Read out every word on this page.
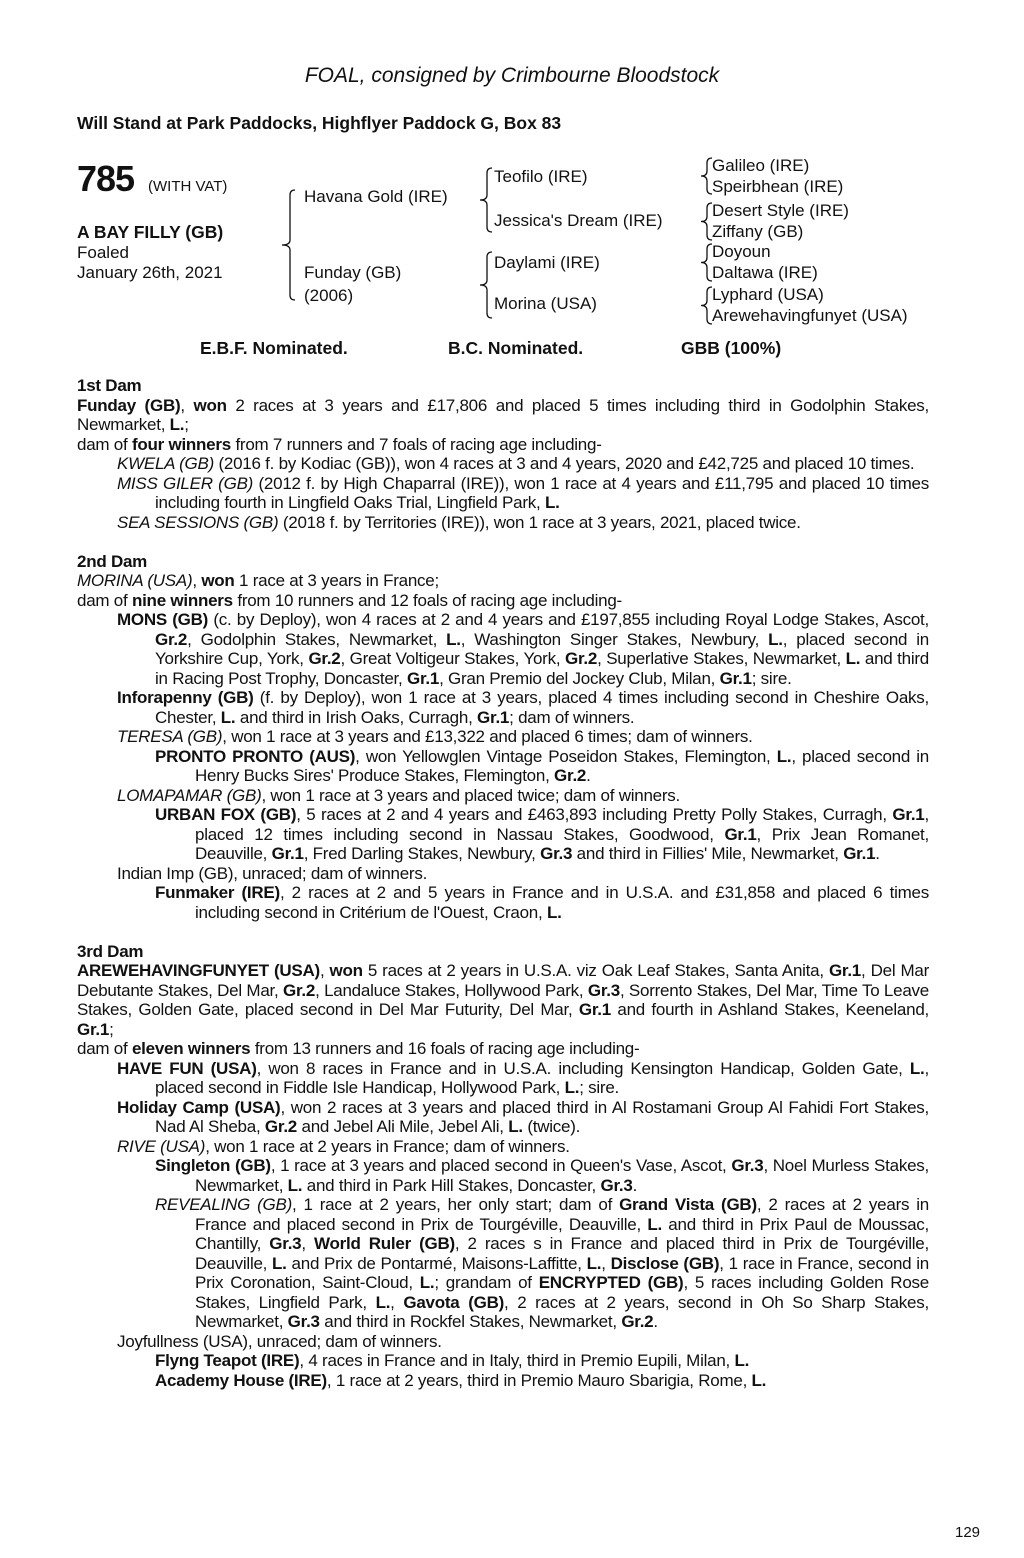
FOAL, consigned by Crimbourne Bloodstock
Will Stand at Park Paddocks, Highflyer Paddock G, Box 83
785 (WITH VAT)
A BAY FILLY (GB)
Foaled
January 26th, 2021
Havana Gold (IRE)
Funday (GB)
(2006)
Teofilo (IRE)
Jessica's Dream (IRE)
Daylami (IRE)
Morina (USA)
Galileo (IRE)
Speirbhean (IRE)
Desert Style (IRE)
Ziffany (GB)
Doyoun
Daltawa (IRE)
Lyphard (USA)
Arewehavingfunyet (USA)
E.B.F. Nominated.	B.C. Nominated.	GBB (100%)
1st Dam
Funday (GB), won 2 races at 3 years and £17,806 and placed 5 times including third in Godolphin Stakes, Newmarket, L.;
dam of four winners from 7 runners and 7 foals of racing age including-
KWELA (GB) (2016 f. by Kodiac (GB)), won 4 races at 3 and 4 years, 2020 and £42,725 and placed 10 times.
MISS GILER (GB) (2012 f. by High Chaparral (IRE)), won 1 race at 4 years and £11,795 and placed 10 times including fourth in Lingfield Oaks Trial, Lingfield Park, L.
SEA SESSIONS (GB) (2018 f. by Territories (IRE)), won 1 race at 3 years, 2021, placed twice.
2nd Dam
MORINA (USA), won 1 race at 3 years in France;
dam of nine winners from 10 runners and 12 foals of racing age including-
MONS (GB) (c. by Deploy), won 4 races at 2 and 4 years and £197,855 including Royal Lodge Stakes, Ascot, Gr.2, Godolphin Stakes, Newmarket, L., Washington Singer Stakes, Newbury, L., placed second in Yorkshire Cup, York, Gr.2, Great Voltigeur Stakes, York, Gr.2, Superlative Stakes, Newmarket, L. and third in Racing Post Trophy, Doncaster, Gr.1, Gran Premio del Jockey Club, Milan, Gr.1; sire.
Inforapenny (GB) (f. by Deploy), won 1 race at 3 years, placed 4 times including second in Cheshire Oaks, Chester, L. and third in Irish Oaks, Curragh, Gr.1; dam of winners.
TERESA (GB), won 1 race at 3 years and £13,322 and placed 6 times; dam of winners.
PRONTO PRONTO (AUS), won Yellowglen Vintage Poseidon Stakes, Flemington, L., placed second in Henry Bucks Sires' Produce Stakes, Flemington, Gr.2.
LOMAPAMAR (GB), won 1 race at 3 years and placed twice; dam of winners.
URBAN FOX (GB), 5 races at 2 and 4 years and £463,893 including Pretty Polly Stakes, Curragh, Gr.1, placed 12 times including second in Nassau Stakes, Goodwood, Gr.1, Prix Jean Romanet, Deauville, Gr.1, Fred Darling Stakes, Newbury, Gr.3 and third in Fillies' Mile, Newmarket, Gr.1.
Indian Imp (GB), unraced; dam of winners.
Funmaker (IRE), 2 races at 2 and 5 years in France and in U.S.A. and £31,858 and placed 6 times including second in Critérium de l'Ouest, Craon, L.
3rd Dam
AREWEHAVINGFUNYET (USA), won 5 races at 2 years in U.S.A. viz Oak Leaf Stakes, Santa Anita, Gr.1, Del Mar Debutante Stakes, Del Mar, Gr.2, Landaluce Stakes, Hollywood Park, Gr.3, Sorrento Stakes, Del Mar, Time To Leave Stakes, Golden Gate, placed second in Del Mar Futurity, Del Mar, Gr.1 and fourth in Ashland Stakes, Keeneland, Gr.1;
dam of eleven winners from 13 runners and 16 foals of racing age including-
HAVE FUN (USA), won 8 races in France and in U.S.A. including Kensington Handicap, Golden Gate, L., placed second in Fiddle Isle Handicap, Hollywood Park, L.; sire.
Holiday Camp (USA), won 2 races at 3 years and placed third in Al Rostamani Group Al Fahidi Fort Stakes, Nad Al Sheba, Gr.2 and Jebel Ali Mile, Jebel Ali, L. (twice).
RIVE (USA), won 1 race at 2 years in France; dam of winners.
Singleton (GB), 1 race at 3 years and placed second in Queen's Vase, Ascot, Gr.3, Noel Murless Stakes, Newmarket, L. and third in Park Hill Stakes, Doncaster, Gr.3.
REVEALING (GB), 1 race at 2 years, her only start; dam of Grand Vista (GB), 2 races at 2 years in France and placed second in Prix de Tourgéville, Deauville, L. and third in Prix Paul de Moussac, Chantilly, Gr.3, World Ruler (GB), 2 races s in France and placed third in Prix de Tourgéville, Deauville, L. and Prix de Pontarmé, Maisons-Laffitte, L., Disclose (GB), 1 race in France, second in Prix Coronation, Saint-Cloud, L.; grandam of ENCRYPTED (GB), 5 races including Golden Rose Stakes, Lingfield Park, L., Gavota (GB), 2 races at 2 years, second in Oh So Sharp Stakes, Newmarket, Gr.3 and third in Rockfel Stakes, Newmarket, Gr.2.
Joyfullness (USA), unraced; dam of winners.
Flyng Teapot (IRE), 4 races in France and in Italy, third in Premio Eupili, Milan, L.
Academy House (IRE), 1 race at 2 years, third in Premio Mauro Sbarigia, Rome, L.
129
